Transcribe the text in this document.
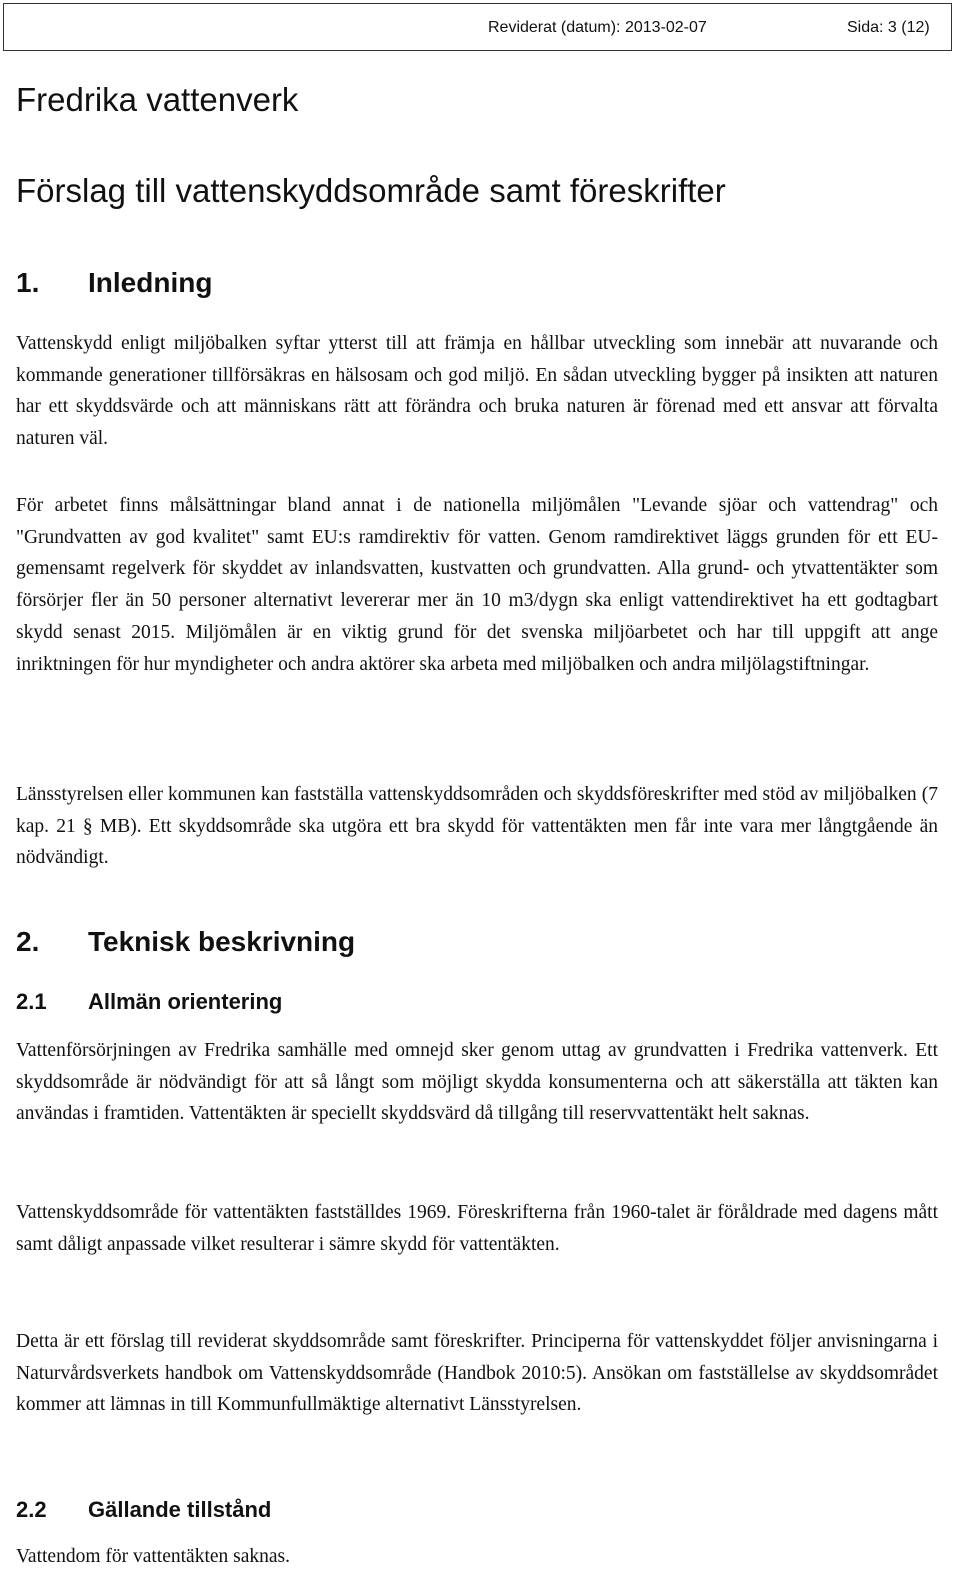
Reviderat (datum): 2013-02-07	Sida: 3 (12)
Fredrika vattenverk
Förslag till vattenskyddsområde samt föreskrifter
1. Inledning

Vattenskydd enligt miljöbalken syftar ytterst till att främja en hållbar utveckling som innebär att nuvarande och kommande generationer tillförsäkras en hälsosam och god miljö. En sådan utveckling bygger på insikten att naturen har ett skyddsvärde och att människans rätt att förändra och bruka naturen är förenad med ett ansvar att förvalta naturen väl.

För arbetet finns målsättningar bland annat i de nationella miljömålen "Levande sjöar och vattendrag" och "Grundvatten av god kvalitet" samt EU:s ramdirektiv för vatten. Genom ramdirektivet läggs grunden för ett EU-gemensamt regelverk för skyddet av inlandsvatten, kustvatten och grundvatten. Alla grund- och ytvattentäkter som försörjer fler än 50 personer alternativt levererar mer än 10 m3/dygn ska enligt vattendirektivet ha ett godtagbart skydd senast 2015. Miljömålen är en viktig grund för det svenska miljöarbetet och har till uppgift att ange inriktningen för hur myndigheter och andra aktörer ska arbeta med miljöbalken och andra miljölagstiftningar.

Länsstyrelsen eller kommunen kan fastställa vattenskyddsområden och skyddsföreskrifter med stöd av miljöbalken (7 kap. 21 § MB). Ett skyddsområde ska utgöra ett bra skydd för vattentäkten men får inte vara mer långtgående än nödvändigt.

2. Teknisk beskrivning
2.1 Allmän orientering

Vattenförsörjningen av Fredrika samhälle med omnejd sker genom uttag av grundvatten i Fredrika vattenverk. Ett skyddsområde är nödvändigt för att så långt som möjligt skydda konsumenterna och att säkerställa att täkten kan användas i framtiden. Vattentäkten är speciellt skyddsvärd då tillgång till reservvattentäkt helt saknas.

Vattenskyddsområde för vattentäkten fastställdes 1969. Föreskrifterna från 1960-talet är föråldrade med dagens mått samt dåligt anpassade vilket resulterar i sämre skydd för vattentäkten.

Detta är ett förslag till reviderat skyddsområde samt föreskrifter. Principerna för vattenskyddet följer anvisningarna i Naturvårdsverkets handbok om Vattenskyddsområde (Handbok 2010:5). Ansökan om fastställelse av skyddsområdet kommer att lämnas in till Kommunfullmäktige alternativt Länsstyrelsen.

2.2 Gällande tillstånd

Vattendom för vattentäkten saknas.
